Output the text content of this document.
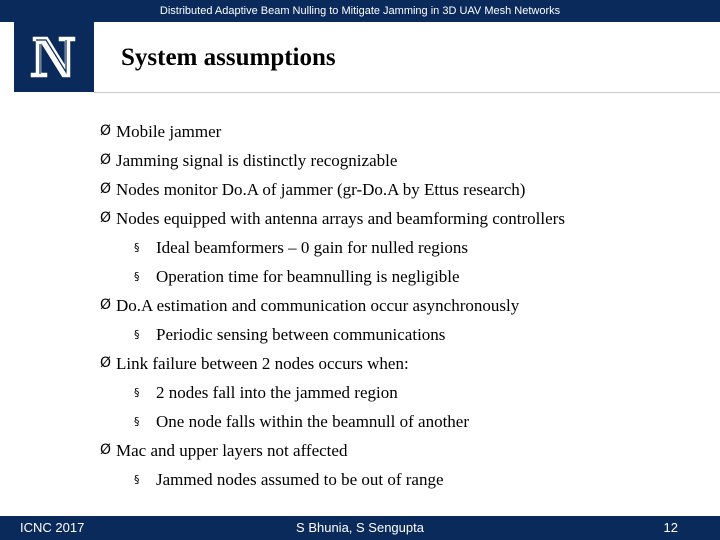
Distributed Adaptive Beam Nulling to Mitigate Jamming in 3D UAV Mesh Networks
System assumptions
Ø Mobile jammer
Ø Jamming signal is distinctly recognizable
Ø Nodes monitor Do.A of jammer (gr-Do.A by Ettus research)
Ø Nodes equipped with antenna arrays and beamforming controllers
§ Ideal beamformers – 0 gain for nulled regions
§ Operation time for beamnulling is negligible
Ø Do.A estimation and communication occur asynchronously
§ Periodic sensing between communications
Ø Link failure between 2 nodes occurs when:
§ 2 nodes fall into the jammed region
§ One node falls within the beamnull of another
Ø Mac and upper layers not affected
§ Jammed nodes assumed to be out of range
ICNC 2017	S Bhunia, S Sengupta	12
